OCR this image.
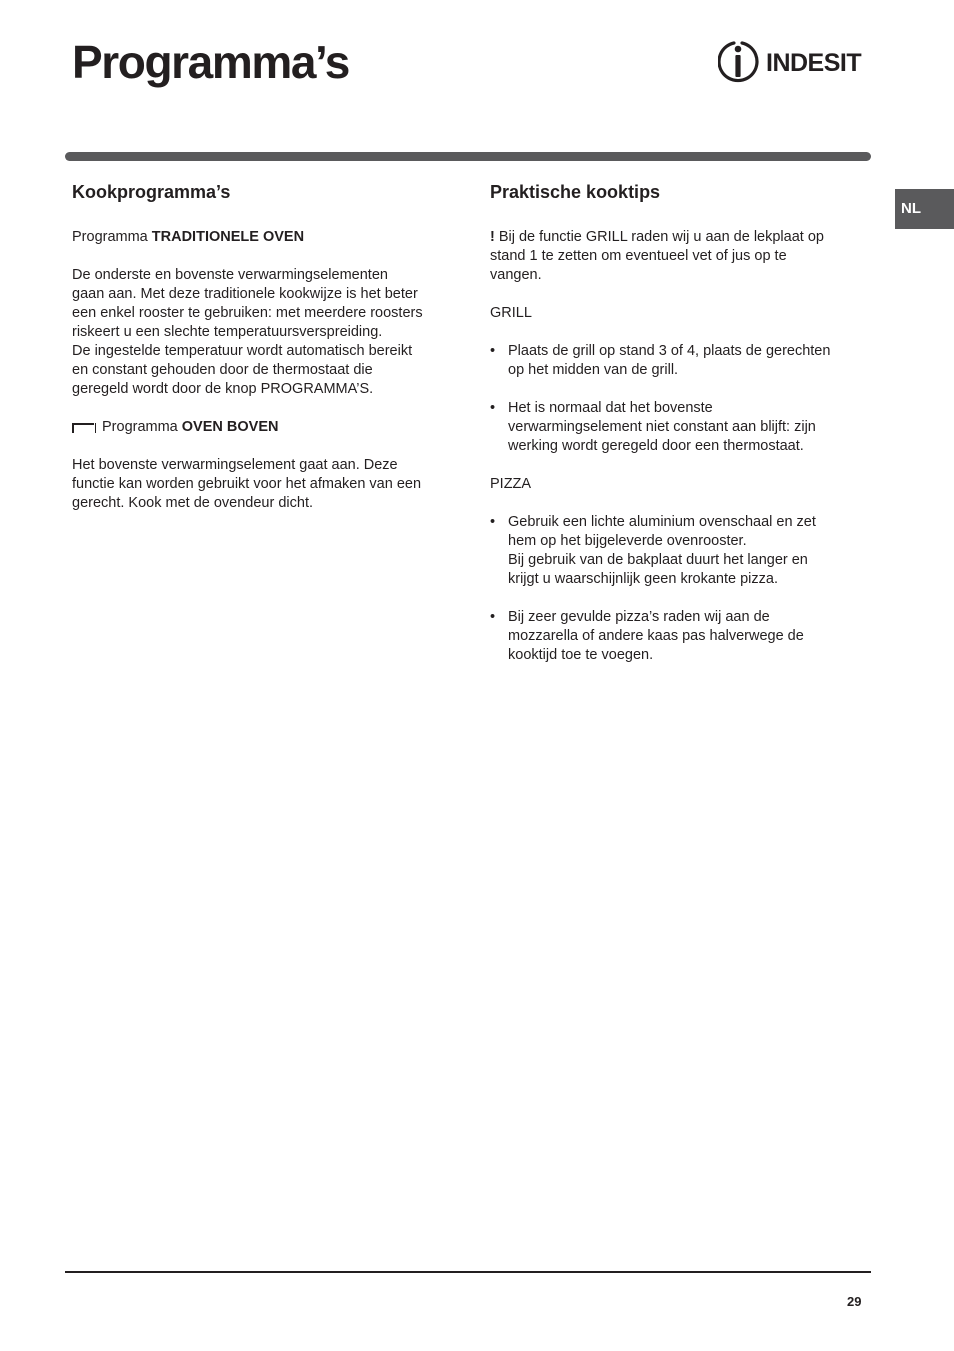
Programma’s	INDESIT
NL
Kookprogramma’s

Programma TRADITIONELE OVEN

De onderste en bovenste verwarmingselementen
gaan aan. Met deze traditionele kookwijze is het beter
een enkel rooster te gebruiken: met meerdere roosters
riskeert u een slechte temperatuursverspreiding.
De ingestelde temperatuur wordt automatisch bereikt
en constant gehouden door de thermostaat die
geregeld wordt door de knop PROGRAMMA’S.

Programma OVEN BOVEN

Het bovenste verwarmingselement gaat aan. Deze
functie kan worden gebruikt voor het afmaken van een
gerecht. Kook met de ovendeur dicht.

Praktische kooktips

! Bij de functie GRILL raden wij u aan de lekplaat op
stand 1 te zetten om eventueel vet of jus op te
vangen.

GRILL

• Plaats de grill op stand 3 of 4, plaats de gerechten
op het midden van de grill.
• Het is normaal dat het bovenste
verwarmingselement niet constant aan blijft: zijn
werking wordt geregeld door een thermostaat.

PIZZA

• Gebruik een lichte aluminium ovenschaal en zet
hem op het bijgeleverde ovenrooster.
Bij gebruik van de bakplaat duurt het langer en
krijgt u waarschijnlijk geen krokante pizza.
• Bij zeer gevulde pizza’s raden wij aan de
mozzarella of andere kaas pas halverwege de
kooktijd toe te voegen.
29
